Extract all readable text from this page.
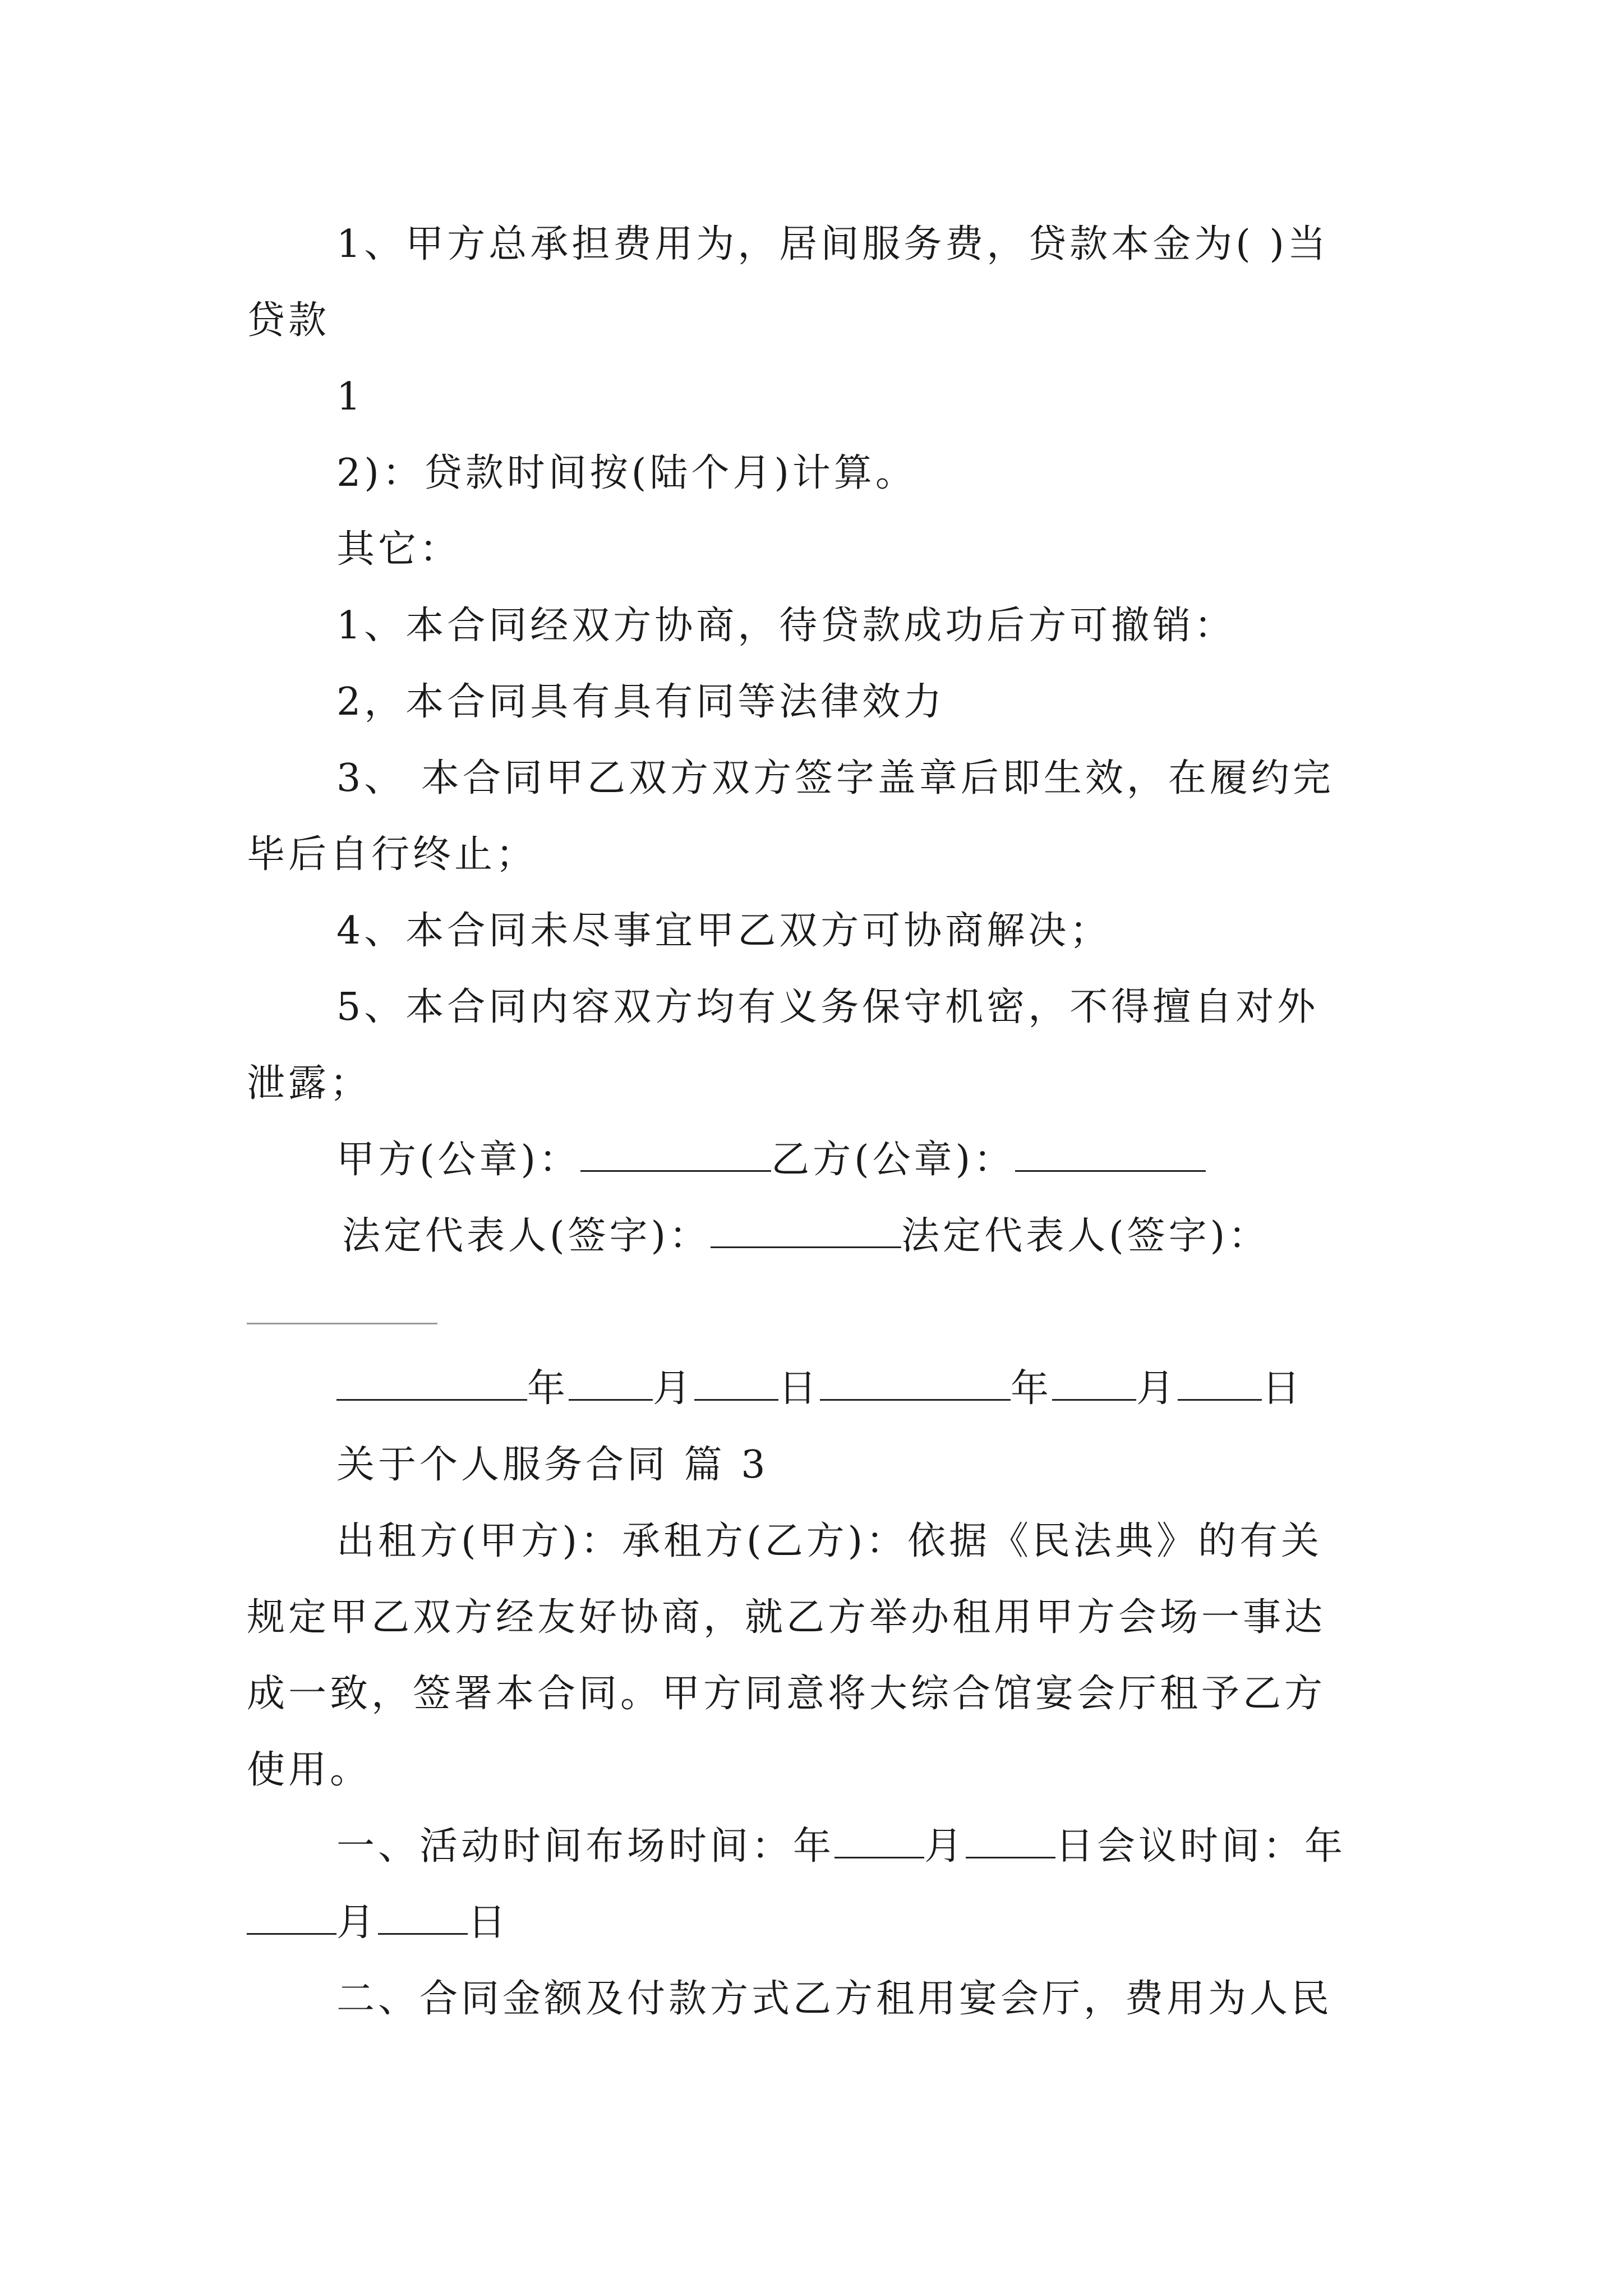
1、甲方总承担费用为，居间服务费，贷款本金为( )当
贷款
1
2)：贷款时间按(陆个月)计算。
其它：
1、本合同经双方协商，待贷款成功后方可撤销：
2，本合同具有具有同等法律效力
3、 本合同甲乙双方双方签字盖章后即生效，在履约完
毕后自行终止；
4、本合同未尽事宜甲乙双方可协商解决；
5、本合同内容双方均有义务保守机密，不得擅自对外
泄露；
甲方(公章)：	乙方(公章)：
法定代表人(签字)：	法定代表人(签字)：
年 月 日	年 月 日
关于个人服务合同 篇 3
出租方(甲方)：承租方(乙方)：依据《民法典》的有关
规定甲乙双方经友好协商，就乙方举办租用甲方会场一事达
成一致，签署本合同。甲方同意将大综合馆宴会厅租予乙方
使用。
一、活动时间布场时间：年 月 日会议时间：年
月 日
二、合同金额及付款方式乙方租用宴会厅，费用为人民
